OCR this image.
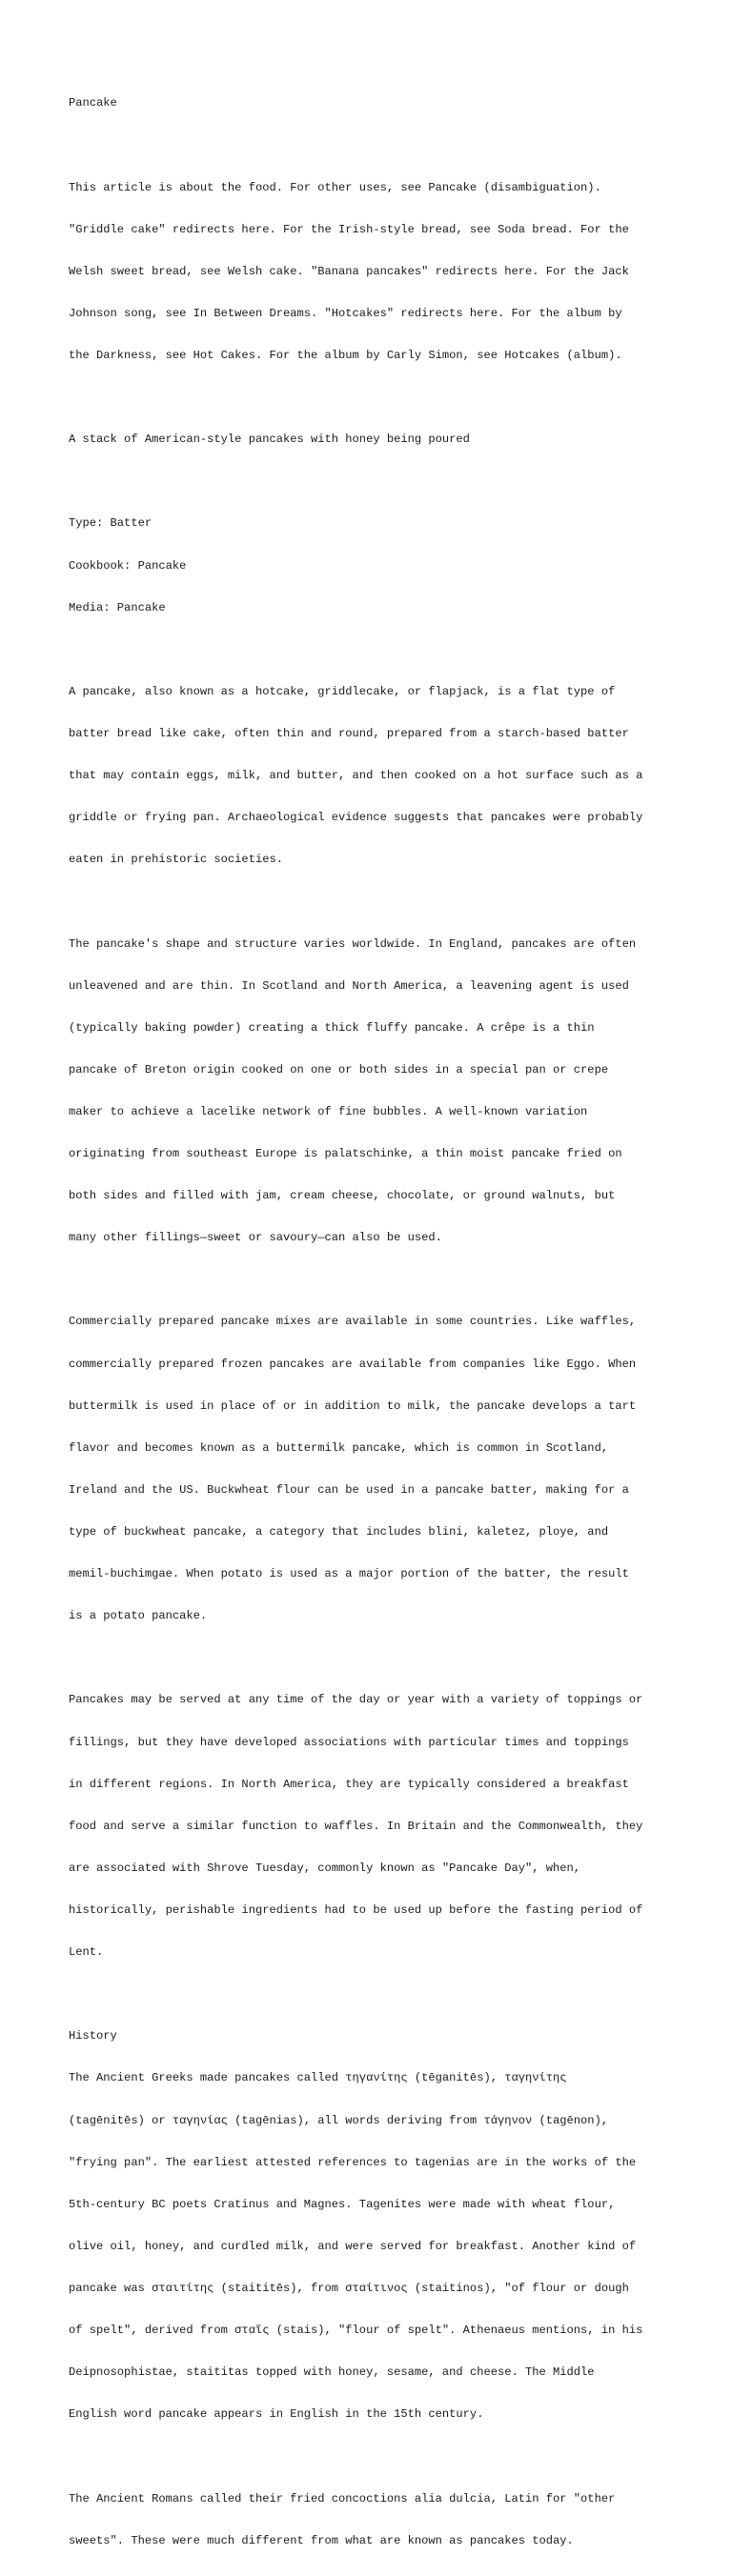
Pancake

This article is about the food. For other uses, see Pancake (disambiguation).

"Griddle cake" redirects here. For the Irish-style bread, see Soda bread. For the

Welsh sweet bread, see Welsh cake. "Banana pancakes" redirects here. For the Jack

Johnson song, see In Between Dreams. "Hotcakes" redirects here. For the album by

the Darkness, see Hot Cakes. For the album by Carly Simon, see Hotcakes (album).

A stack of American-style pancakes with honey being poured

Type: Batter

Cookbook: Pancake

Media: Pancake

A pancake, also known as a hotcake, griddlecake, or flapjack, is a flat type of

batter bread like cake, often thin and round, prepared from a starch-based batter

that may contain eggs, milk, and butter, and then cooked on a hot surface such as a

griddle or frying pan. Archaeological evidence suggests that pancakes were probably

eaten in prehistoric societies.

The pancake's shape and structure varies worldwide. In England, pancakes are often

unleavened and are thin. In Scotland and North America, a leavening agent is used

(typically baking powder) creating a thick fluffy pancake. A crêpe is a thin

pancake of Breton origin cooked on one or both sides in a special pan or crepe

maker to achieve a lacelike network of fine bubbles. A well-known variation

originating from southeast Europe is palatschinke, a thin moist pancake fried on

both sides and filled with jam, cream cheese, chocolate, or ground walnuts, but

many other fillings—sweet or savoury—can also be used.

Commercially prepared pancake mixes are available in some countries. Like waffles,

commercially prepared frozen pancakes are available from companies like Eggo. When

buttermilk is used in place of or in addition to milk, the pancake develops a tart

flavor and becomes known as a buttermilk pancake, which is common in Scotland,

Ireland and the US. Buckwheat flour can be used in a pancake batter, making for a

type of buckwheat pancake, a category that includes blini, kaletez, ploye, and

memil-buchimgae. When potato is used as a major portion of the batter, the result

is a potato pancake.

Pancakes may be served at any time of the day or year with a variety of toppings or

fillings, but they have developed associations with particular times and toppings

in different regions. In North America, they are typically considered a breakfast

food and serve a similar function to waffles. In Britain and the Commonwealth, they

are associated with Shrove Tuesday, commonly known as "Pancake Day", when,

historically, perishable ingredients had to be used up before the fasting period of

Lent.

History

The Ancient Greeks made pancakes called τηγανίτης (tēganitēs), ταγηνίτης

(tagēnitēs) or ταγηνίας (tagēnias), all words deriving from τάγηνον (tagēnon),

"frying pan". The earliest attested references to tagenias are in the works of the

5th-century BC poets Cratinus and Magnes. Tagenites were made with wheat flour,

olive oil, honey, and curdled milk, and were served for breakfast. Another kind of

pancake was σταιτίτης (staititēs), from σταίτινος (staitinos), "of flour or dough

of spelt", derived from σταῖς (stais), "flour of spelt". Athenaeus mentions, in his

Deipnosophistae, staititas topped with honey, sesame, and cheese. The Middle

English word pancake appears in English in the 15th century.

The Ancient Romans called their fried concoctions alia dulcia, Latin for "other

sweets". These were much different from what are known as pancakes today.
